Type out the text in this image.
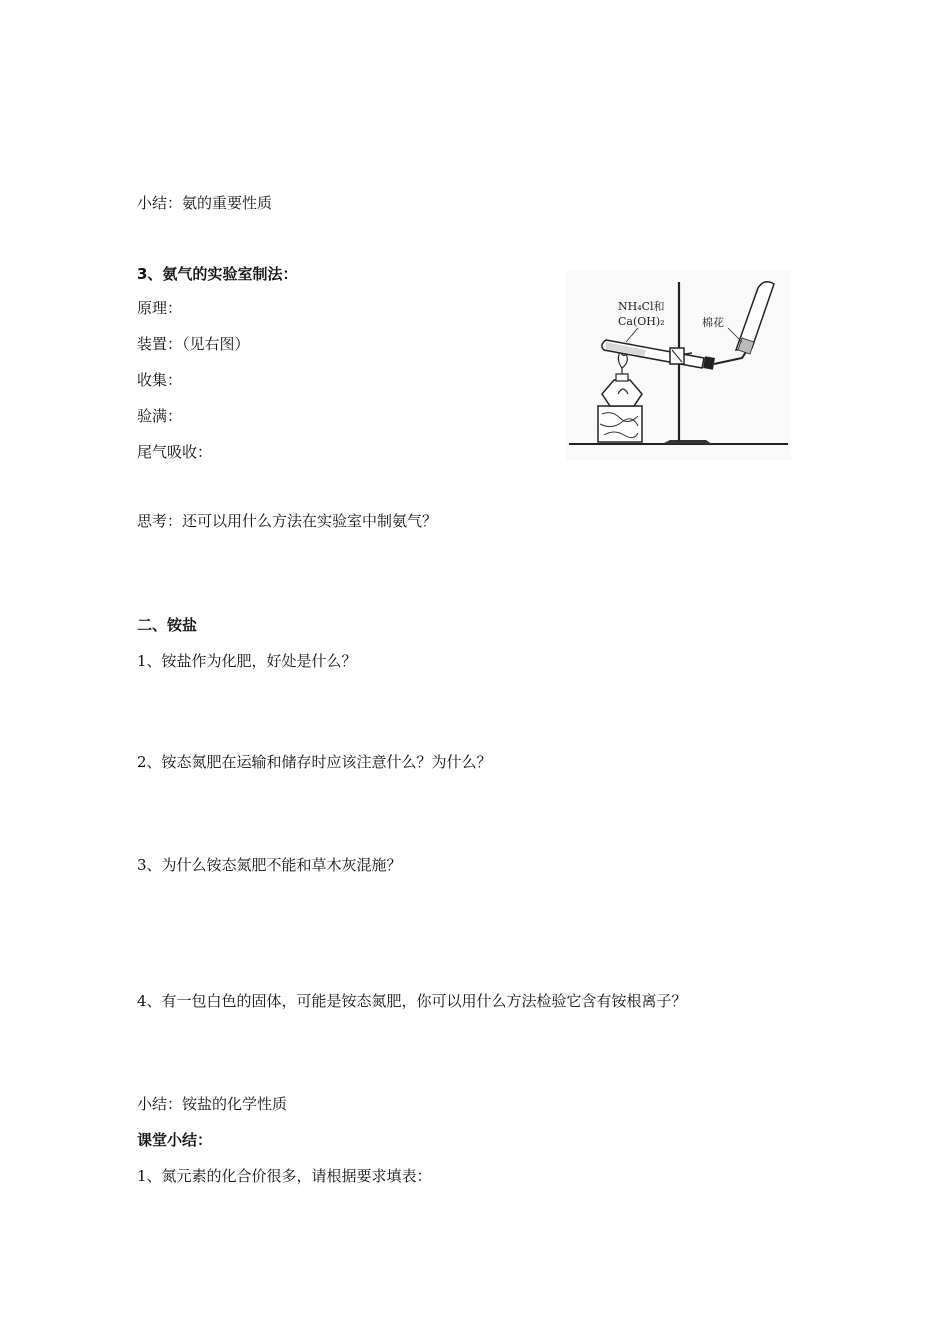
小结：氨的重要性质
3、氨气的实验室制法：
原理：
装置：（见右图）
收集：
验满：
尾气吸收：
NH₄Cl和
Ca(OH)₂	棉花
思考：还可以用什么方法在实验室中制氨气？
二、铵盐
1、铵盐作为化肥，好处是什么？
2、铵态氮肥在运输和储存时应该注意什么？为什么？
3、为什么铵态氮肥不能和草木灰混施？
4、有一包白色的固体，可能是铵态氮肥，你可以用什么方法检验它含有铵根离子？
小结：铵盐的化学性质
课堂小结：
1、氮元素的化合价很多，请根据要求填表：
